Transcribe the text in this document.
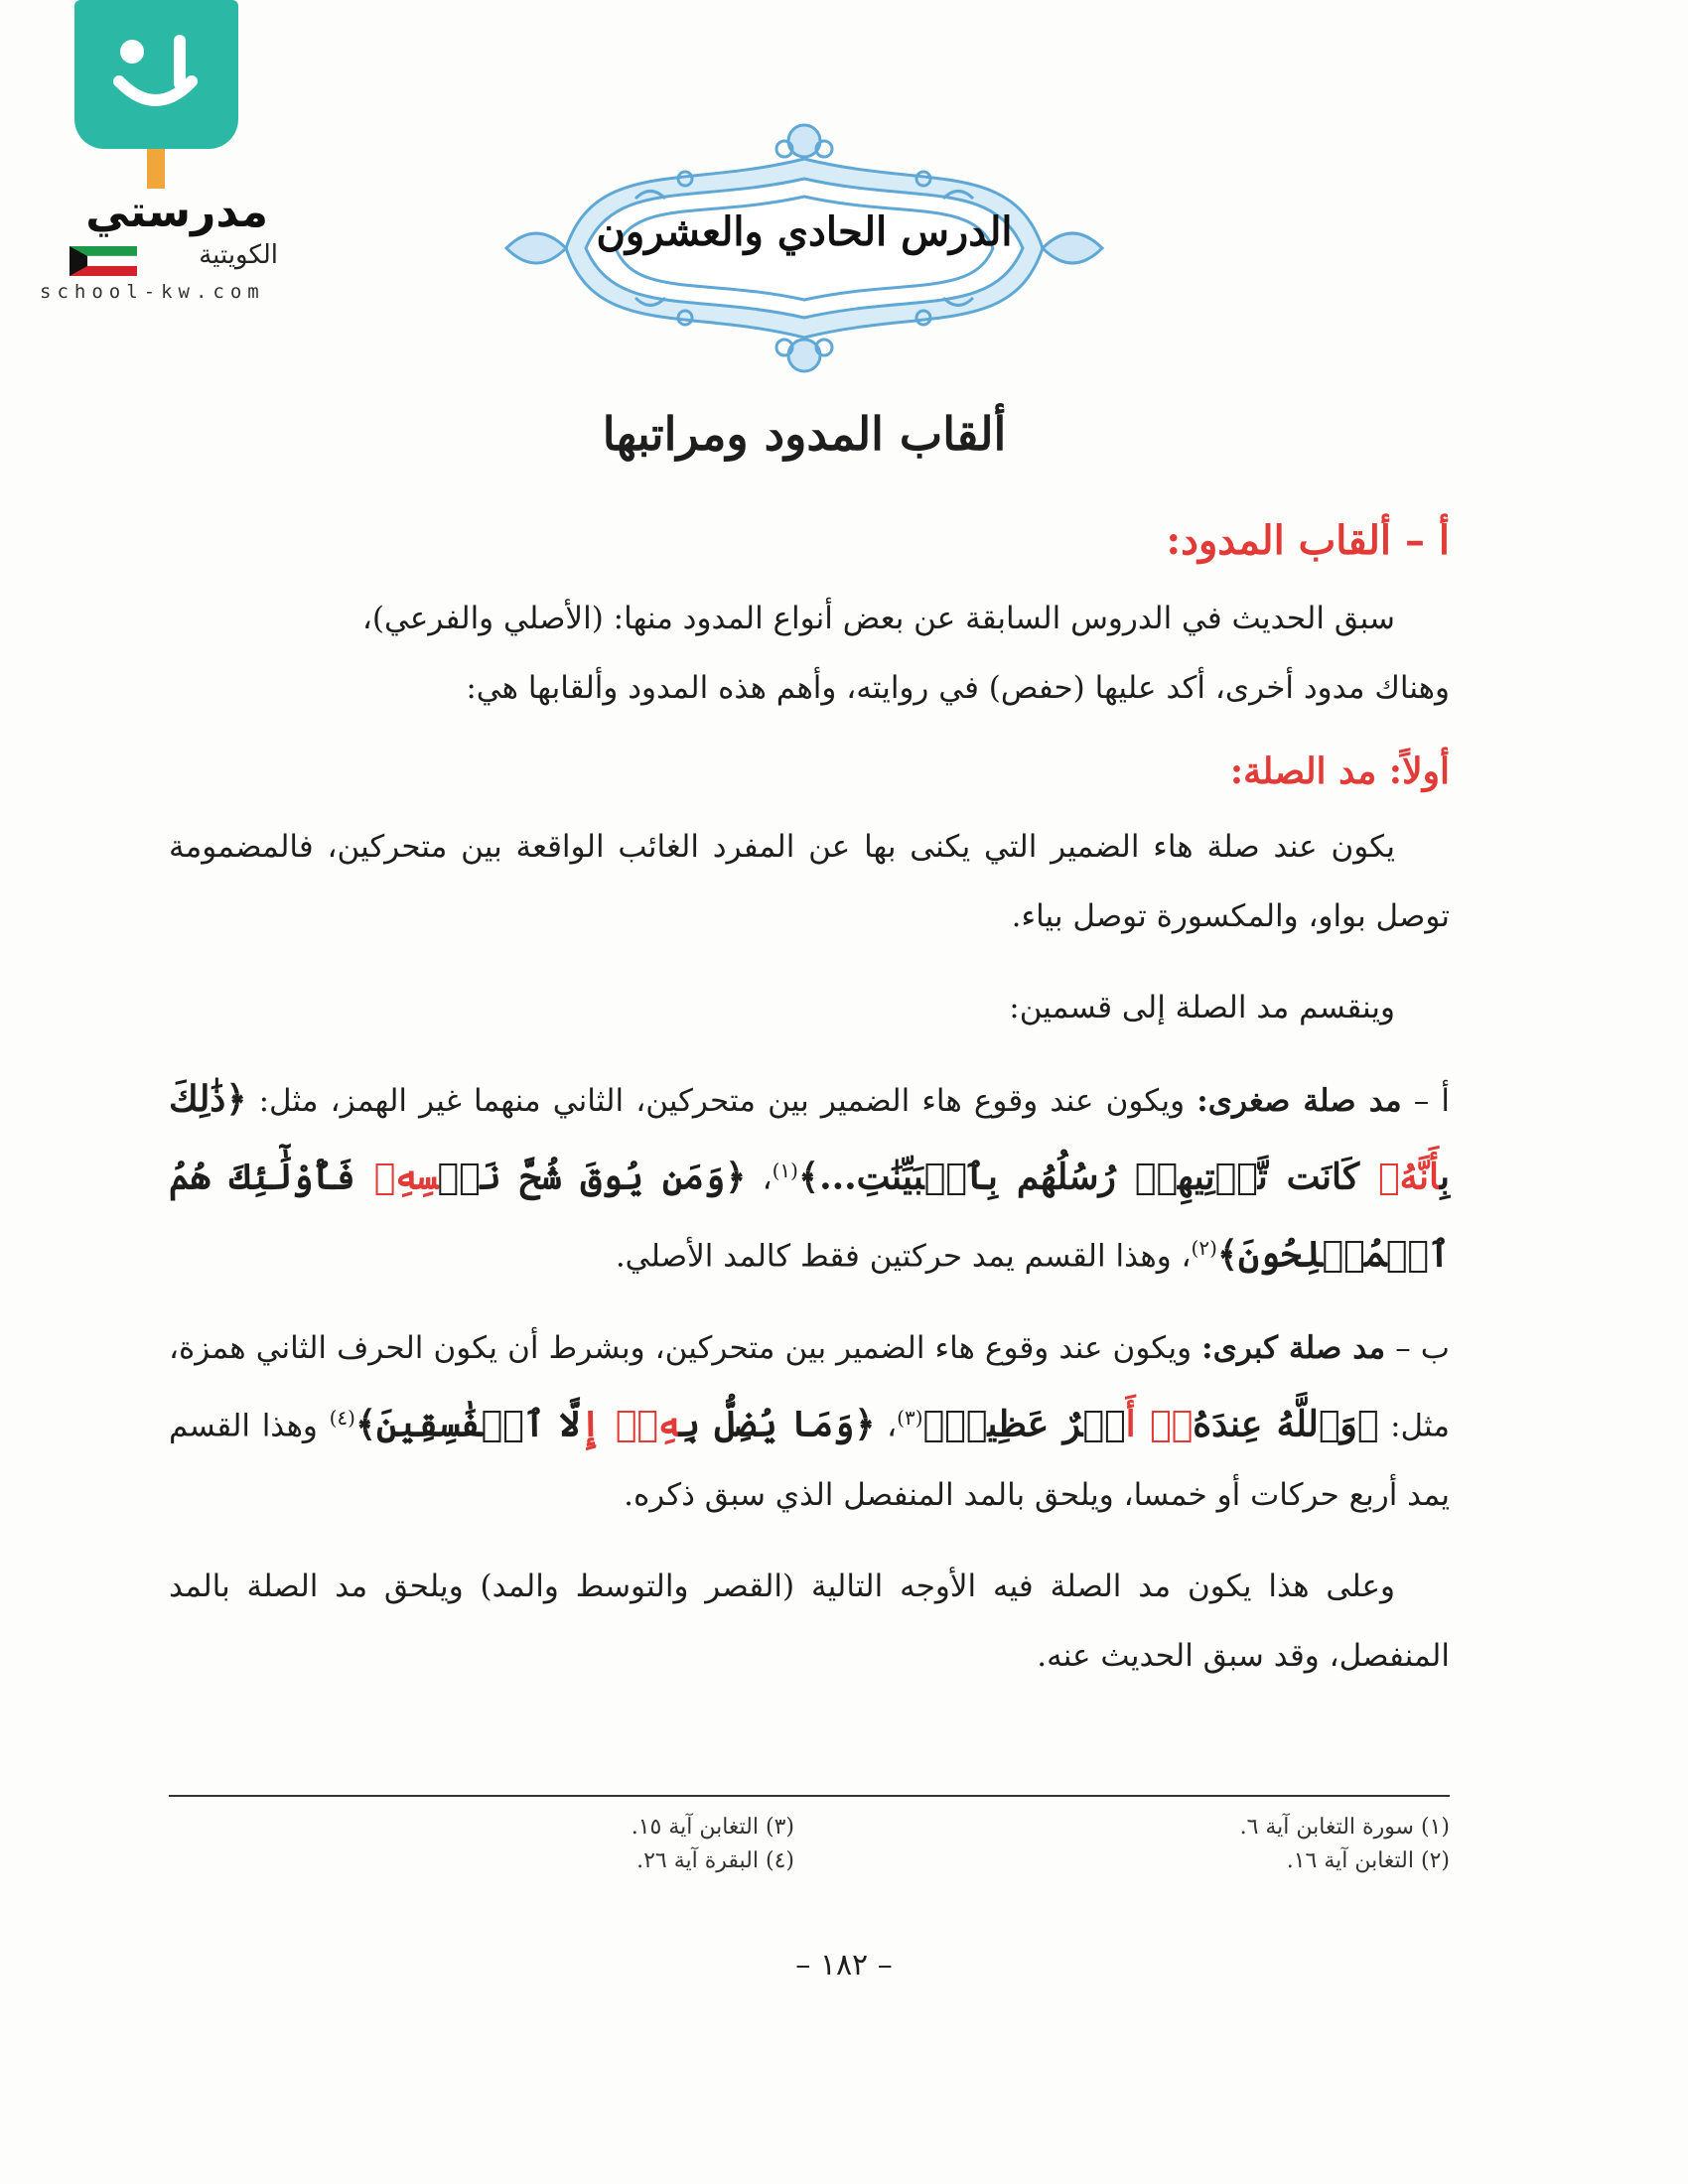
مدرستي
الكويتية
school-kw.com
الدرس الحادي والعشرون
ألقاب المدود ومراتبها

أ – ألقاب المدود:

سبق الحديث في الدروس السابقة عن بعض أنواع المدود منها: (الأصلي والفرعي)،
وهناك مدود أخرى، أكد عليها (حفص) في روايته، وأهم هذه المدود وألقابها هي:

أولاً: مد الصلة:

يكون عند صلة هاء الضمير التي يكنى بها عن المفرد الغائب الواقعة بين متحركين، فالمضمومة توصل بواو، والمكسورة توصل بياء.

وينقسم مد الصلة إلى قسمين:

أ – مد صلة صغرى: ويكون عند وقوع هاء الضمير بين متحركين، الثاني منهما غير الهمز، مثل: ﴿ذَٰلِكَ بِأَنَّهُۥ كَانَت تَّأۡتِيهِمۡ رُسُلُهُم بِٱلۡبَيِّنَٰتِ...﴾$^{(١)}$، ﴿وَمَن يُوقَ شُحَّ نَفۡسِهِۦ فَأُوْلَٰٓئِكَ هُمُ ٱلۡمُفۡلِحُونَ﴾$^{(٢)}$، وهذا القسم يمد حركتين فقط كالمد الأصلي.

ب – مد صلة كبرى: ويكون عند وقوع هاء الضمير بين متحركين، وبشرط أن يكون الحرف الثاني همزة، مثل: ﴿وَٱللَّهُ عِندَهُۥٓ أَجۡرٌ عَظِيمٞ﴾$^{(٣)}$، ﴿وَمَا يُضِلُّ بِهِۦٓ إِلَّا ٱلۡفَٰسِقِينَ﴾$^{(٤)}$ وهذا القسم يمد أربع حركات أو خمسا، ويلحق بالمد المنفصل الذي سبق ذكره.

وعلى هذا يكون مد الصلة فيه الأوجه التالية (القصر والتوسط والمد) ويلحق مد الصلة بالمد المنفصل، وقد سبق الحديث عنه.

(١) سورة التغابن آية ٦.
(٢) التغابن آية ١٦.
(٣) التغابن آية ١٥.
(٤) البقرة آية ٢٦.
– ١٨٢ –
